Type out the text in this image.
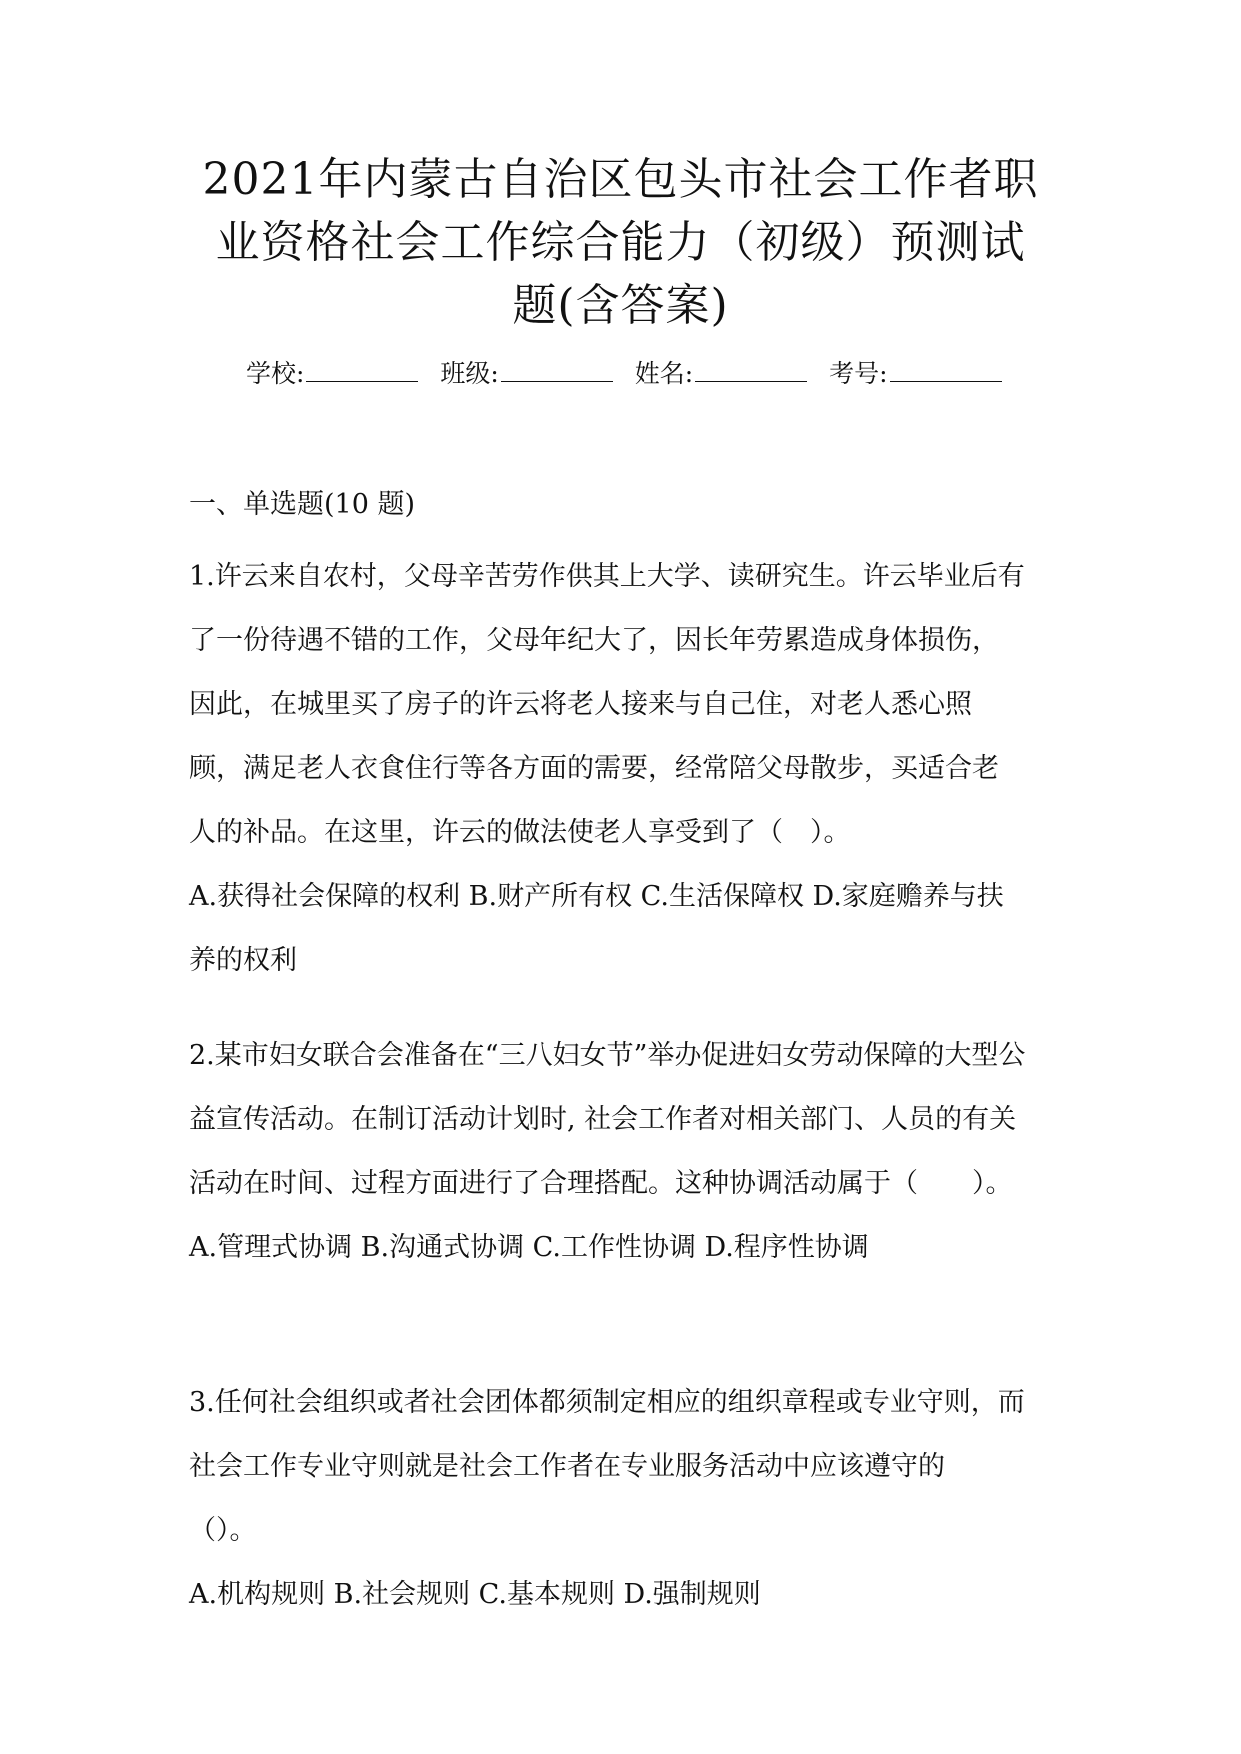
2021年内蒙古自治区包头市社会工作者职
业资格社会工作综合能力（初级）预测试
题(含答案)
学校:	班级:	姓名:	考号:
一、单选题(10 题)
1.许云来自农村，父母辛苦劳作供其上大学、读研究生。许云毕业后有
了一份待遇不错的工作，父母年纪大了，因长年劳累造成身体损伤，
因此，在城里买了房子的许云将老人接来与自己住，对老人悉心照
顾，满足老人衣食住行等各方面的需要，经常陪父母散步，买适合老
人的补品。在这里，许云的做法使老人享受到了（　）。
A.获得社会保障的权利 B.财产所有权 C.生活保障权 D.家庭赡养与扶
养的权利
2.某市妇女联合会准备在“三八妇女节”举办促进妇女劳动保障的大型公
益宣传活动。在制订活动计划时, 社会工作者对相关部门、人员的有关
活动在时间、过程方面进行了合理搭配。这种协调活动属于（　　）。
A.管理式协调 B.沟通式协调 C.工作性协调 D.程序性协调
3.任何社会组织或者社会团体都须制定相应的组织章程或专业守则，而
社会工作专业守则就是社会工作者在专业服务活动中应该遵守的
（）。
A.机构规则 B.社会规则 C.基本规则 D.强制规则
